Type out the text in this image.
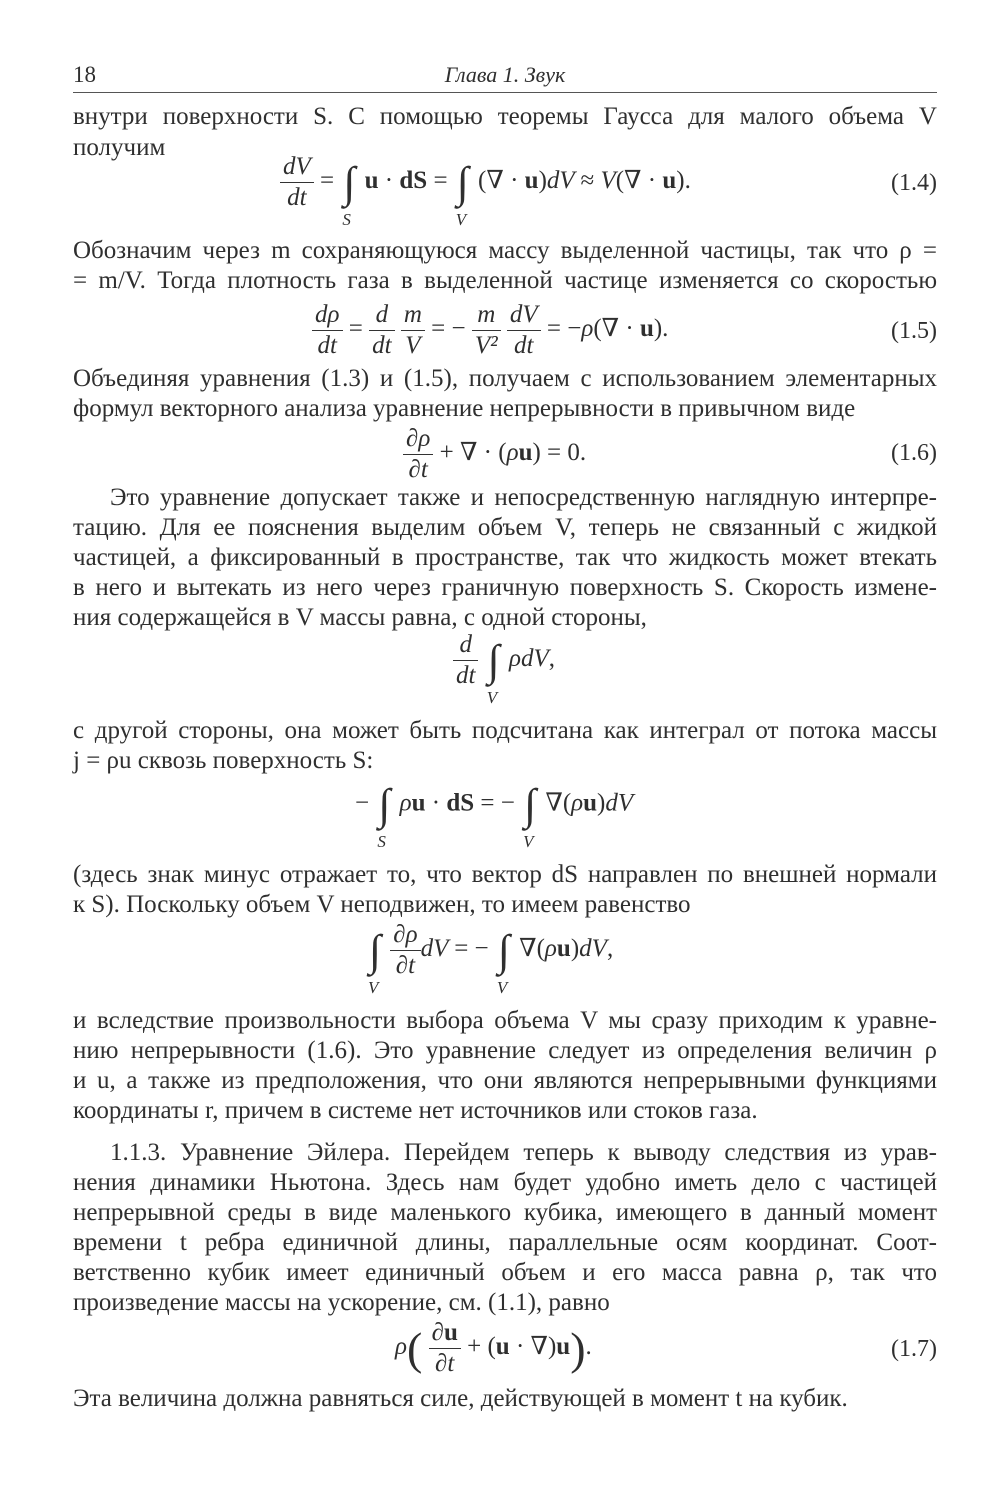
18	Глава 1. Звук
внутри поверхности S. С помощью теоремы Гаусса для малого объема V
получим
$\frac{dV}{dt}$ = ∫
S
u · dS = ∫
V
(∇ · u)dV ≈ V(∇ · u).	(1.4)
Обозначим через m сохраняющуюся массу выделенной частицы, так что ρ =
= m/V. Тогда плотность газа в выделенной частице изменяется со скоростью
$\frac{d\rho}{dt} = \frac{d}{dt}$
$\frac{m}{V}$ = − $\frac{m}{\text{V²}}$
$\frac{dV}{dt} = -\rho(\nabla \cdot u)$.	(1.5)
Объединяя уравнения (1.3) и (1.5), получаем с использованием элементарных
формул векторного анализа уравнение непрерывности в привычном виде
$\frac{\partial\rho}{\partial t}$ + ∇ · (ρu) = 0.	(1.6)
Это уравнение допускает также и непосредственную наглядную интерпре-
тацию. Для ее пояснения выделим объем V, теперь не связанный с жидкой
частицей, а фиксированный в пространстве, так что жидкость может втекать
в него и вытекать из него через граничную поверхность S. Скорость измене-
ния содержащейся в V массы равна, с одной стороны,
$\frac{d}{dt}$
∫
V
ρdV,
с другой стороны, она может быть подсчитана как интеграл от потока массы
j = ρu сквозь поверхность S:
− ∫
S
ρu · dS = − ∫
V
∇(ρu)dV
(здесь знак минус отражает то, что вектор dS направлен по внешней нормали
к S). Поскольку объем V неподвижен, то имеем равенство
∫
V

$\frac{\partial\rho}{\partial t}$ dV = − ∫
V
∇(ρu)dV,
и вследствие произвольности выбора объема V мы сразу приходим к уравне-
нию непрерывности (1.6). Это уравнение следует из определения величин ρ
и u, а также из предположения, что они являются непрерывными функциями
координаты r, причем в системе нет источников или стоков газа.
1.1.3. Уравнение Эйлера. Перейдем теперь к выводу следствия из урав-
нения динамики Ньютона. Здесь нам будет удобно иметь дело с частицей
непрерывной среды в виде маленького кубика, имеющего в данный момент
времени t ребра единичной длины, параллельные осям координат. Соот-
ветственно кубик имеет единичный объем и его масса равна ρ, так что
произведение массы на ускорение, см. (1.1), равно
$\rho( \frac{\partial u}{\partial t} + (u \cdot \nabla)u)$.	(1.7)
Эта величина должна равняться силе, действующей в момент t на кубик.
